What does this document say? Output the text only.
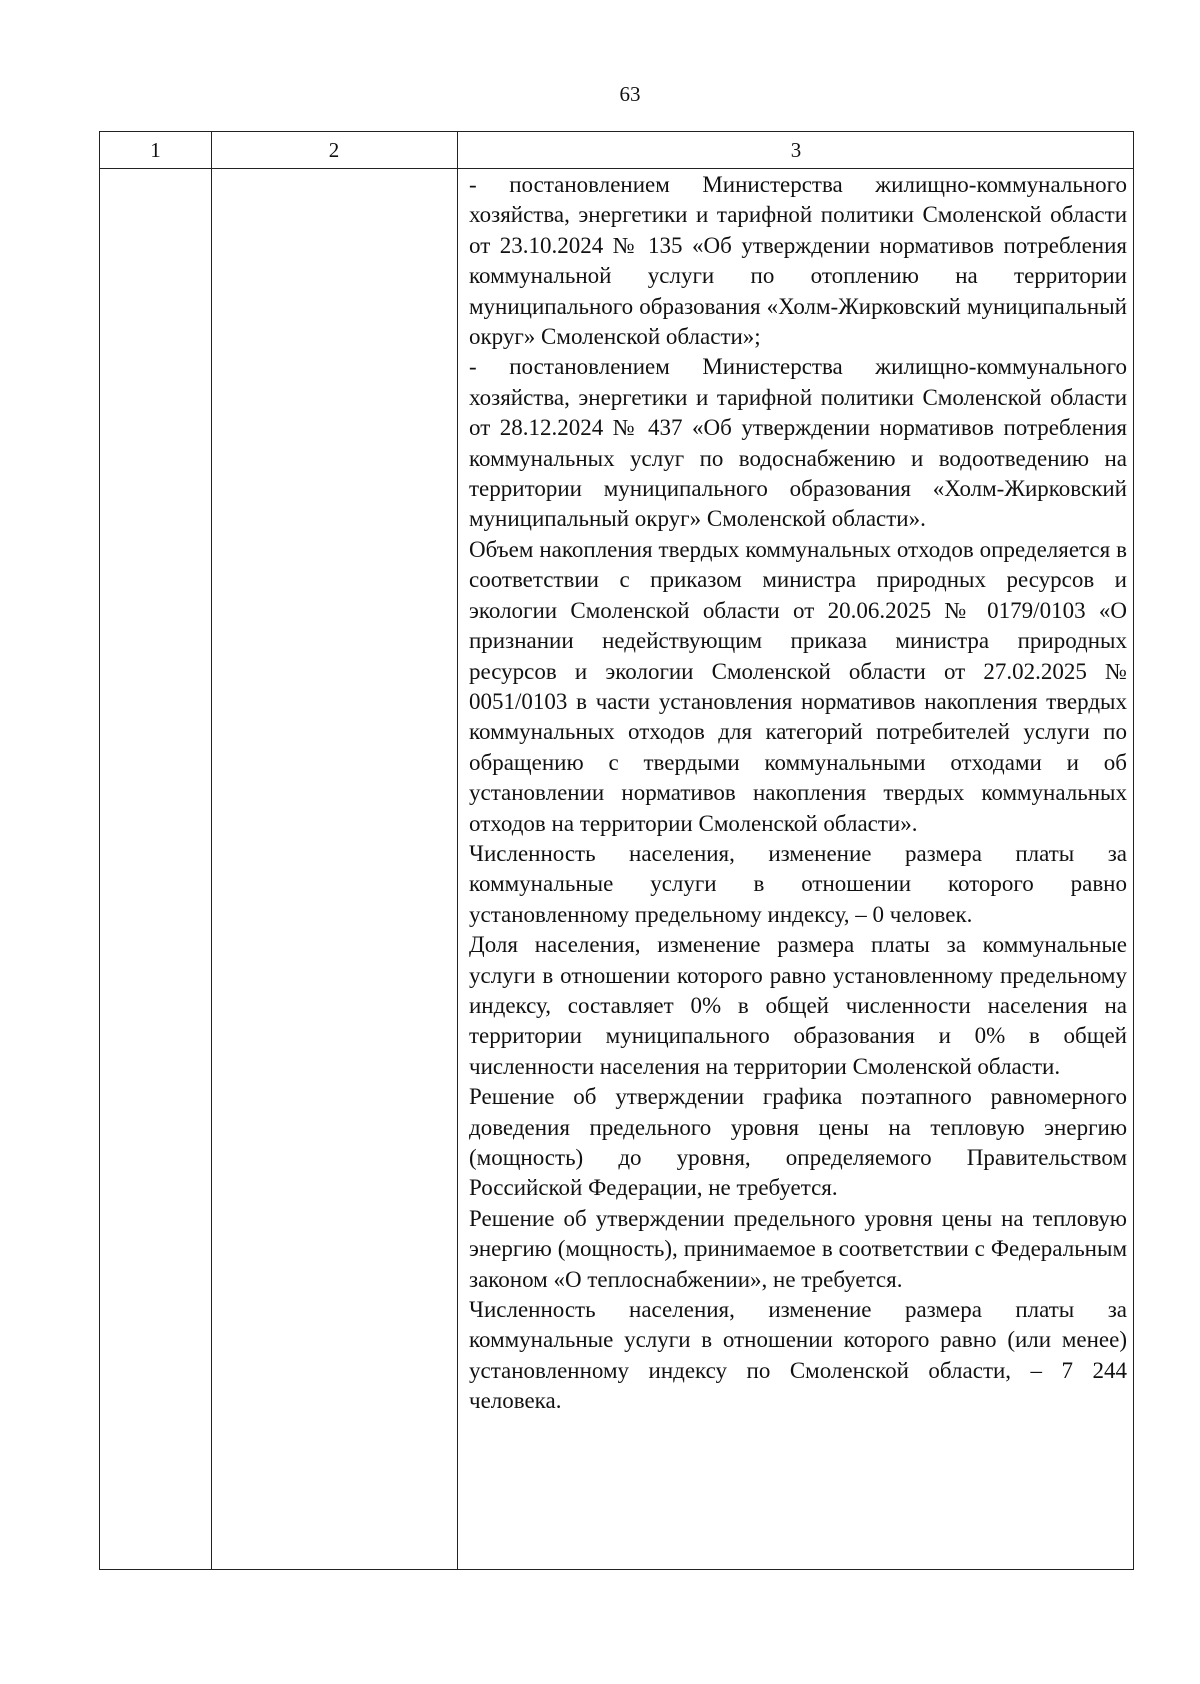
63
1	2	3

- постановлением Министерства жилищно-коммунального хозяйства, энергетики и тарифной политики Смоленской области от 23.10.2024 № 135 «Об утверждении нормативов потребления коммунальной услуги по отоплению на территории муниципального образования «Холм-Жирковский муниципальный округ» Смоленской области»;

- постановлением Министерства жилищно-коммунального хозяйства, энергетики и тарифной политики Смоленской области от 28.12.2024 № 437 «Об утверждении нормативов потребления коммунальных услуг по водоснабжению и водоотведению на территории муниципального образования «Холм-Жирковский муниципальный округ» Смоленской области».

Объем накопления твердых коммунальных отходов определяется в соответствии с приказом министра природных ресурсов и экологии Смоленской области от 20.06.2025 № 0179/0103 «О признании недействующим приказа министра природных ресурсов и экологии Смоленской области от 27.02.2025 № 0051/0103 в части установления нормативов накопления твердых коммунальных отходов для категорий потребителей услуги по обращению с твердыми коммунальными отходами и об установлении нормативов накопления твердых коммунальных отходов на территории Смоленской области».

Численность населения, изменение размера платы за коммунальные услуги в отношении которого равно установленному предельному индексу, – 0 человек.

Доля населения, изменение размера платы за коммунальные услуги в отношении которого равно установленному предельному индексу, составляет 0% в общей численности населения на территории муниципального образования и 0% в общей численности населения на территории Смоленской области.

Решение об утверждении графика поэтапного равномерного доведения предельного уровня цены на тепловую энергию (мощность) до уровня, определяемого Правительством Российской Федерации, не требуется.

Решение об утверждении предельного уровня цены на тепловую энергию (мощность), принимаемое в соответствии с Федеральным законом «О теплоснабжении», не требуется.

Численность населения, изменение размера платы за коммунальные услуги в отношении которого равно (или менее) установленному индексу по Смоленской области, – 7 244 человека.
